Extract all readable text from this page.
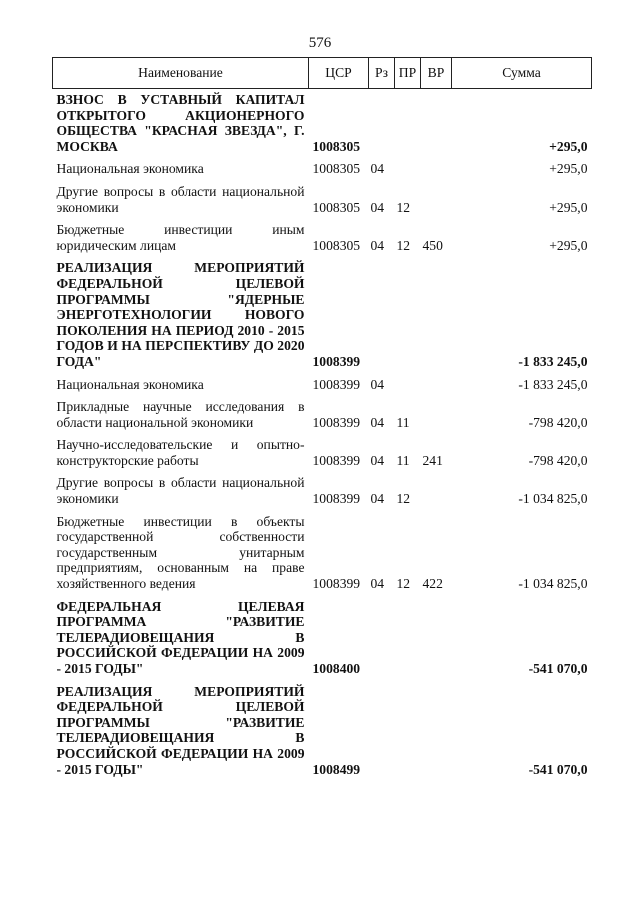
576
Наименование	ЦСР	Рз	ПР	ВР	Сумма
ВЗНОС В УСТАВНЫЙ КАПИТАЛ ОТКРЫТОГО АКЦИОНЕРНОГО ОБЩЕСТВА "КРАСНАЯ ЗВЕЗДА", Г. МОСКВА	1008305				+295,0
Национальная экономика	1008305	04			+295,0
Другие вопросы в области национальной экономики	1008305	04	12		+295,0
Бюджетные инвестиции иным юридическим лицам	1008305	04	12	450	+295,0
РЕАЛИЗАЦИЯ МЕРОПРИЯТИЙ ФЕДЕРАЛЬНОЙ ЦЕЛЕВОЙ ПРОГРАММЫ "ЯДЕРНЫЕ ЭНЕРГОТЕХНОЛОГИИ НОВОГО ПОКОЛЕНИЯ НА ПЕРИОД 2010 - 2015 ГОДОВ И НА ПЕРСПЕКТИВУ ДО 2020 ГОДА"	1008399				-1 833 245,0
Национальная экономика	1008399	04			-1 833 245,0
Прикладные научные исследования в области национальной экономики	1008399	04	11		-798 420,0
Научно-исследовательские и опытно-конструкторские работы	1008399	04	11	241	-798 420,0
Другие вопросы в области национальной экономики	1008399	04	12		-1 034 825,0
Бюджетные инвестиции в объекты государственной собственности государственным унитарным предприятиям, основанным на праве хозяйственного ведения	1008399	04	12	422	-1 034 825,0
ФЕДЕРАЛЬНАЯ ЦЕЛЕВАЯ ПРОГРАММА "РАЗВИТИЕ ТЕЛЕРАДИОВЕЩАНИЯ В РОССИЙСКОЙ ФЕДЕРАЦИИ НА 2009 - 2015 ГОДЫ"	1008400				-541 070,0
РЕАЛИЗАЦИЯ МЕРОПРИЯТИЙ ФЕДЕРАЛЬНОЙ ЦЕЛЕВОЙ ПРОГРАММЫ "РАЗВИТИЕ ТЕЛЕРАДИОВЕЩАНИЯ В РОССИЙСКОЙ ФЕДЕРАЦИИ НА 2009 - 2015 ГОДЫ"	1008499				-541 070,0
